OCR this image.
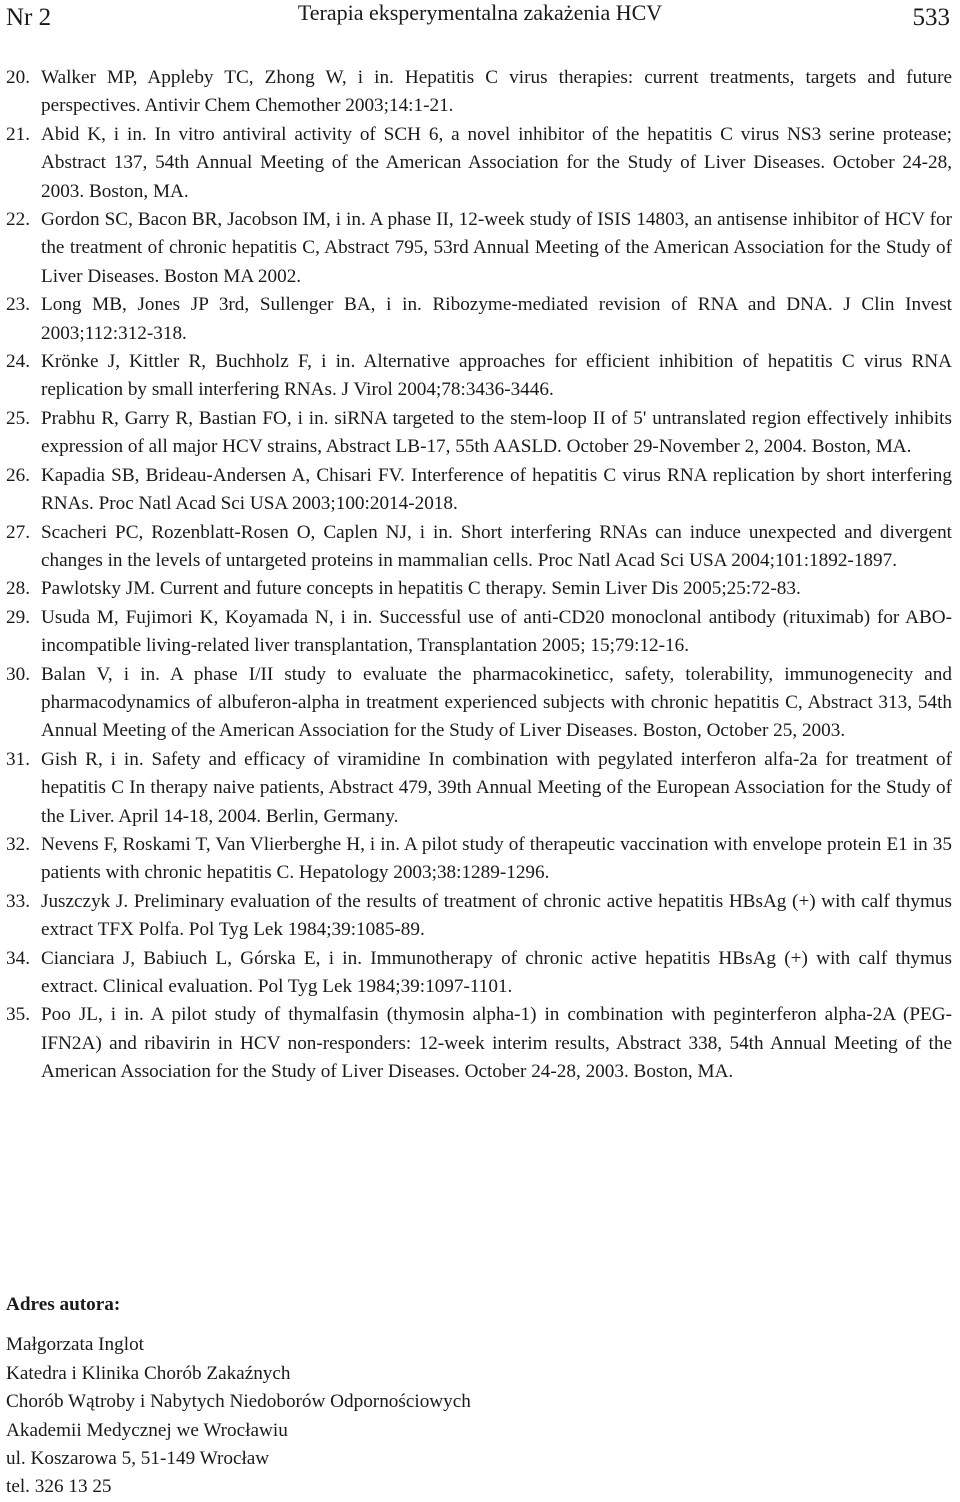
Nr 2	Terapia eksperymentalna zakażenia HCV	533
20. Walker MP, Appleby TC, Zhong W, i in. Hepatitis C virus therapies: current treatments, targets and future perspectives. Antivir Chem Chemother 2003;14:1-21.
21. Abid K, i in. In vitro antiviral activity of SCH 6, a novel inhibitor of the hepatitis C virus NS3 serine protease; Abstract 137, 54th Annual Meeting of the American Association for the Study of Liver Diseases. October 24-28, 2003. Boston, MA.
22. Gordon SC, Bacon BR, Jacobson IM, i in. A phase II, 12-week study of ISIS 14803, an antisense inhibitor of HCV for the treatment of chronic hepatitis C, Abstract 795, 53rd Annual Meeting of the American Association for the Study of Liver Diseases. Boston MA 2002.
23. Long MB, Jones JP 3rd, Sullenger BA, i in. Ribozyme-mediated revision of RNA and DNA. J Clin Invest 2003;112:312-318.
24. Krönke J, Kittler R, Buchholz F, i in. Alternative approaches for efficient inhibition of hepatitis C virus RNA replication by small interfering RNAs. J Virol 2004;78:3436-3446.
25. Prabhu R, Garry R, Bastian FO, i in. siRNA targeted to the stem-loop II of 5' untranslated region effectively inhibits expression of all major HCV strains, Abstract LB-17, 55th AASLD. October 29-November 2, 2004. Boston, MA.
26. Kapadia SB, Brideau-Andersen A, Chisari FV. Interference of hepatitis C virus RNA replication by short interfering RNAs. Proc Natl Acad Sci USA 2003;100:2014-2018.
27. Scacheri PC, Rozenblatt-Rosen O, Caplen NJ, i in. Short interfering RNAs can induce unexpected and divergent changes in the levels of untargeted proteins in mammalian cells. Proc Natl Acad Sci USA 2004;101:1892-1897.
28. Pawlotsky JM. Current and future concepts in hepatitis C therapy. Semin Liver Dis 2005;25:72-83.
29. Usuda M, Fujimori K, Koyamada N, i in. Successful use of anti-CD20 monoclonal antibody (rituximab) for ABO-incompatible living-related liver transplantation, Transplantation 2005; 15;79:12-16.
30. Balan V, i in. A phase I/II study to evaluate the pharmacokineticc, safety, tolerability, immunogenecity and pharmacodynamics of albuferon-alpha in treatment experienced subjects with chronic hepatitis C, Abstract 313, 54th Annual Meeting of the American Association for the Study of Liver Diseases. Boston, October 25, 2003.
31. Gish R, i in. Safety and efficacy of viramidine In combination with pegylated interferon alfa-2a for treatment of hepatitis C In therapy naive patients, Abstract 479, 39th Annual Meeting of the European Association for the Study of the Liver. April 14-18, 2004. Berlin, Germany.
32. Nevens F, Roskami T, Van Vlierberghe H, i in. A pilot study of therapeutic vaccination with envelope protein E1 in 35 patients with chronic hepatitis C. Hepatology 2003;38:1289-1296.
33. Juszczyk J. Preliminary evaluation of the results of treatment of chronic active hepatitis HBsAg (+) with calf thymus extract TFX Polfa. Pol Tyg Lek 1984;39:1085-89.
34. Cianciara J, Babiuch L, Górska E, i in. Immunotherapy of chronic active hepatitis HBsAg (+) with calf thymus extract. Clinical evaluation. Pol Tyg Lek 1984;39:1097-1101.
35. Poo JL, i in. A pilot study of thymalfasin (thymosin alpha-1) in combination with peginterferon alpha-2A (PEG-IFN2A) and ribavirin in HCV non-responders: 12-week interim results, Abstract 338, 54th Annual Meeting of the American Association for the Study of Liver Diseases. October 24-28, 2003. Boston, MA.
Adres autora:
Małgorzata Inglot
Katedra i Klinika Chorób Zakaźnych
Chorób Wątroby i Nabytych Niedoborów Odpornościowych
Akademii Medycznej we Wrocławiu
ul. Koszarowa 5, 51-149 Wrocław
tel. 326 13 25
